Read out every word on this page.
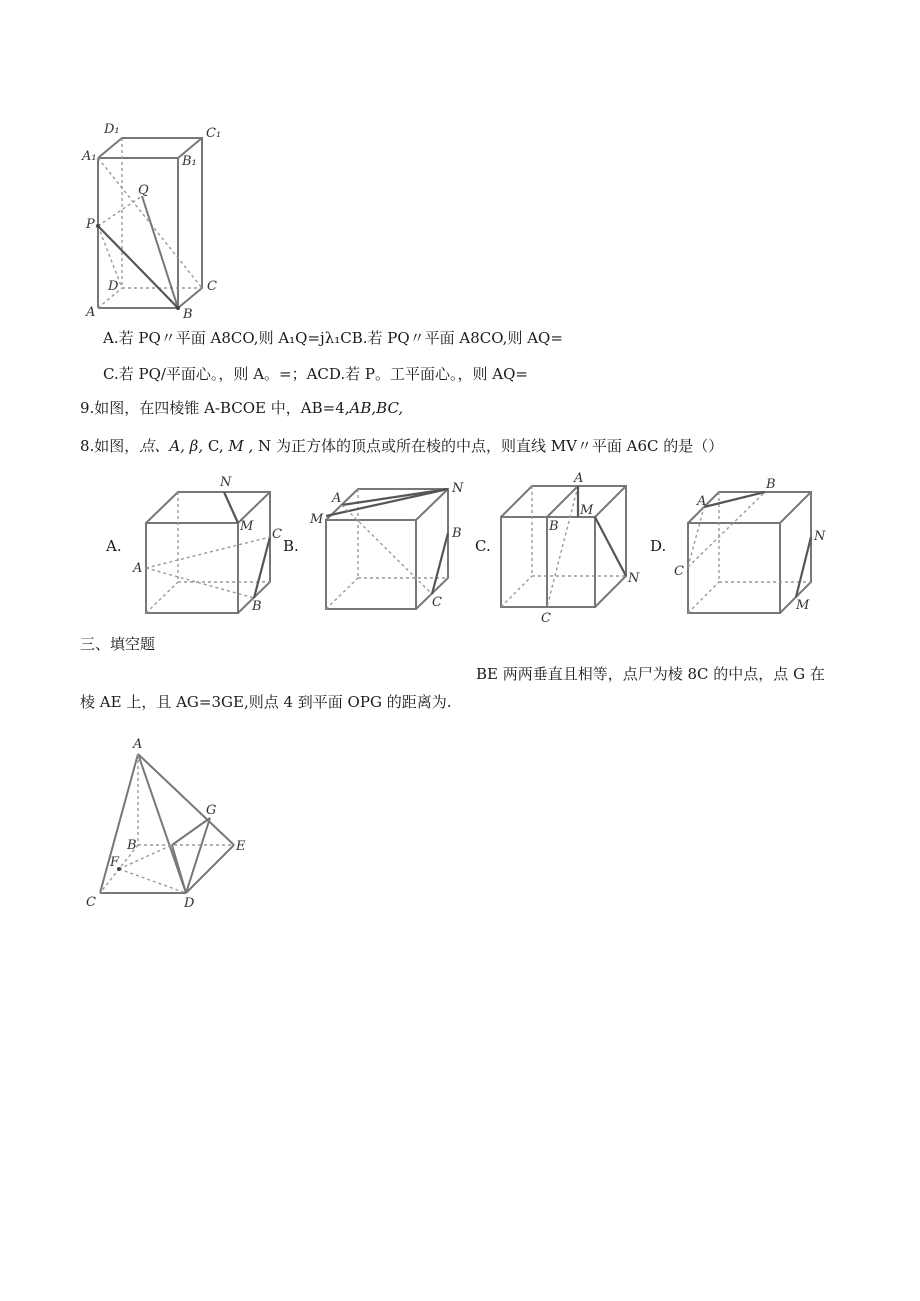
D₁	C₁
A₁	B₁
Q
P
D	C
A	B
A.若 PQ〃平面 A8CO,则 A₁Q=jλ₁CB.若 PQ〃平面 A8CO,则 AQ=
C.若 PQ/平面心。，则 A。=；ACD.若 P。工平面心。，则 AQ=
9.如图，在四棱锥 A-BCOE 中，AB=4,AB,BC,
8.如图，点、A, β, C, M , N 为正方体的顶点或所在棱的中点，则直线 MV〃平面 A6C 的是（）
A.
N
M
C
A
B
B.
A
N
M
B
C
C.
A
B
M
N
C
D.
A
B
C
N
M
三、填空题
BE 两两垂直且相等，点尸为棱 8C 的中点，点 G 在
棱 AE 上，且 AG=3GE,则点 4 到平面 OPG 的距离为.
A
G
B	E
F
C	D
